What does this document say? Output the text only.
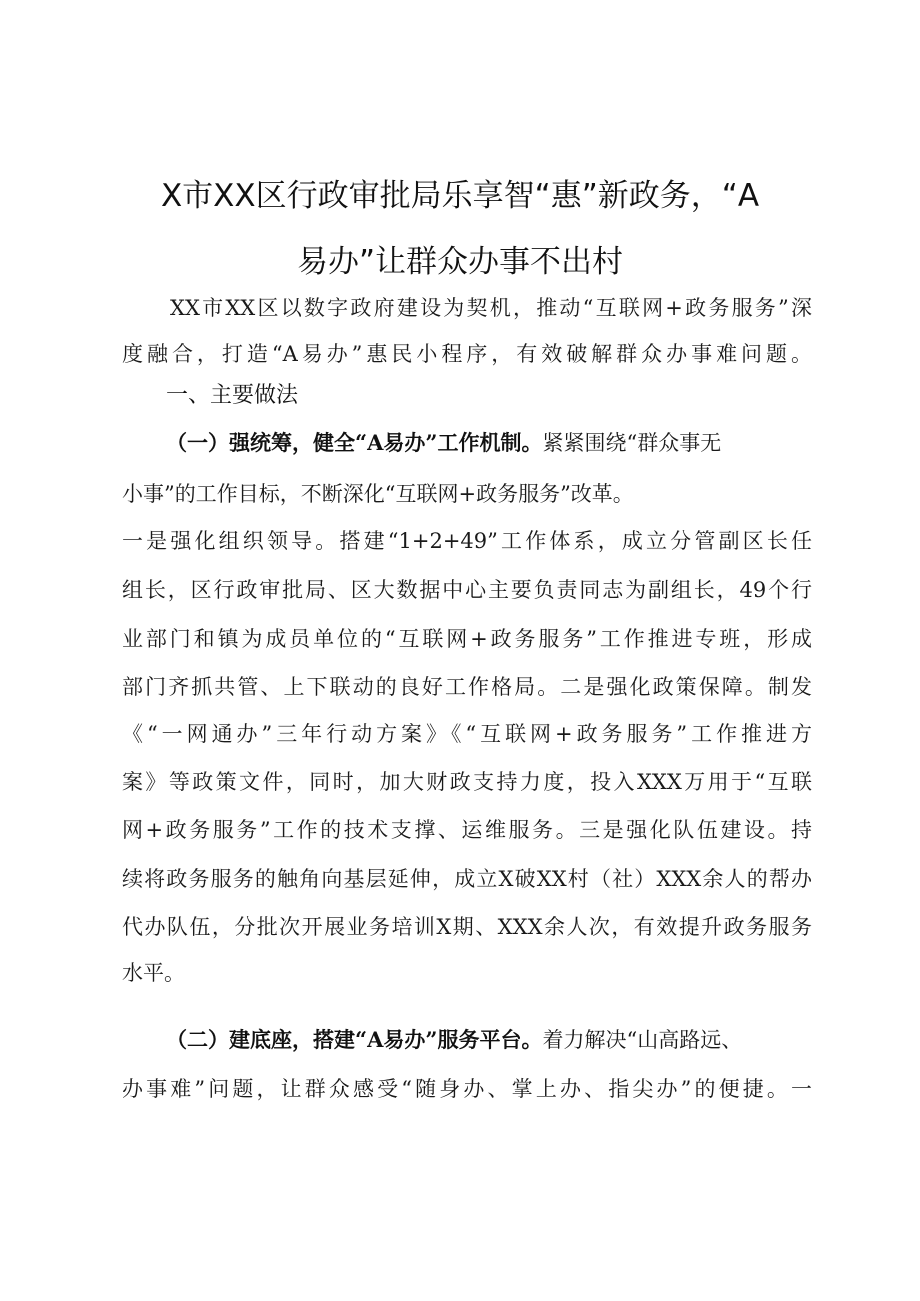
X市XX区行政审批局乐享智“惠”新政务，“A
易办”让群众办事不出村
XX市XX区以数字政府建设为契机，推动“互联网+政务服务”深
度融合，打造“A易办”惠民小程序，有效破解群众办事难问题。
一、主要做法
（一）强统筹，健全“A易办”工作机制。紧紧围绕“群众事无
小事”的工作目标，不断深化“互联网+政务服务”改革。
一是强化组织领导。搭建“1+2+49”工作体系，成立分管副区长任
组长，区行政审批局、区大数据中心主要负责同志为副组长，49个行
业部门和镇为成员单位的“互联网+政务服务”工作推进专班，形成
部门齐抓共管、上下联动的良好工作格局。二是强化政策保障。制发
《“一网通办”三年行动方案》《“互联网+政务服务”工作推进方
案》等政策文件，同时，加大财政支持力度，投入XXX万用于“互联
网+政务服务”工作的技术支撑、运维服务。三是强化队伍建设。持
续将政务服务的触角向基层延伸，成立X破XX村（社）XXX余人的帮办
代办队伍，分批次开展业务培训X期、XXX余人次，有效提升政务服务
水平。
（二）建底座，搭建“A易办”服务平台。着力解决“山高路远、
办事难”问题，让群众感受“随身办、掌上办、指尖办”的便捷。一
